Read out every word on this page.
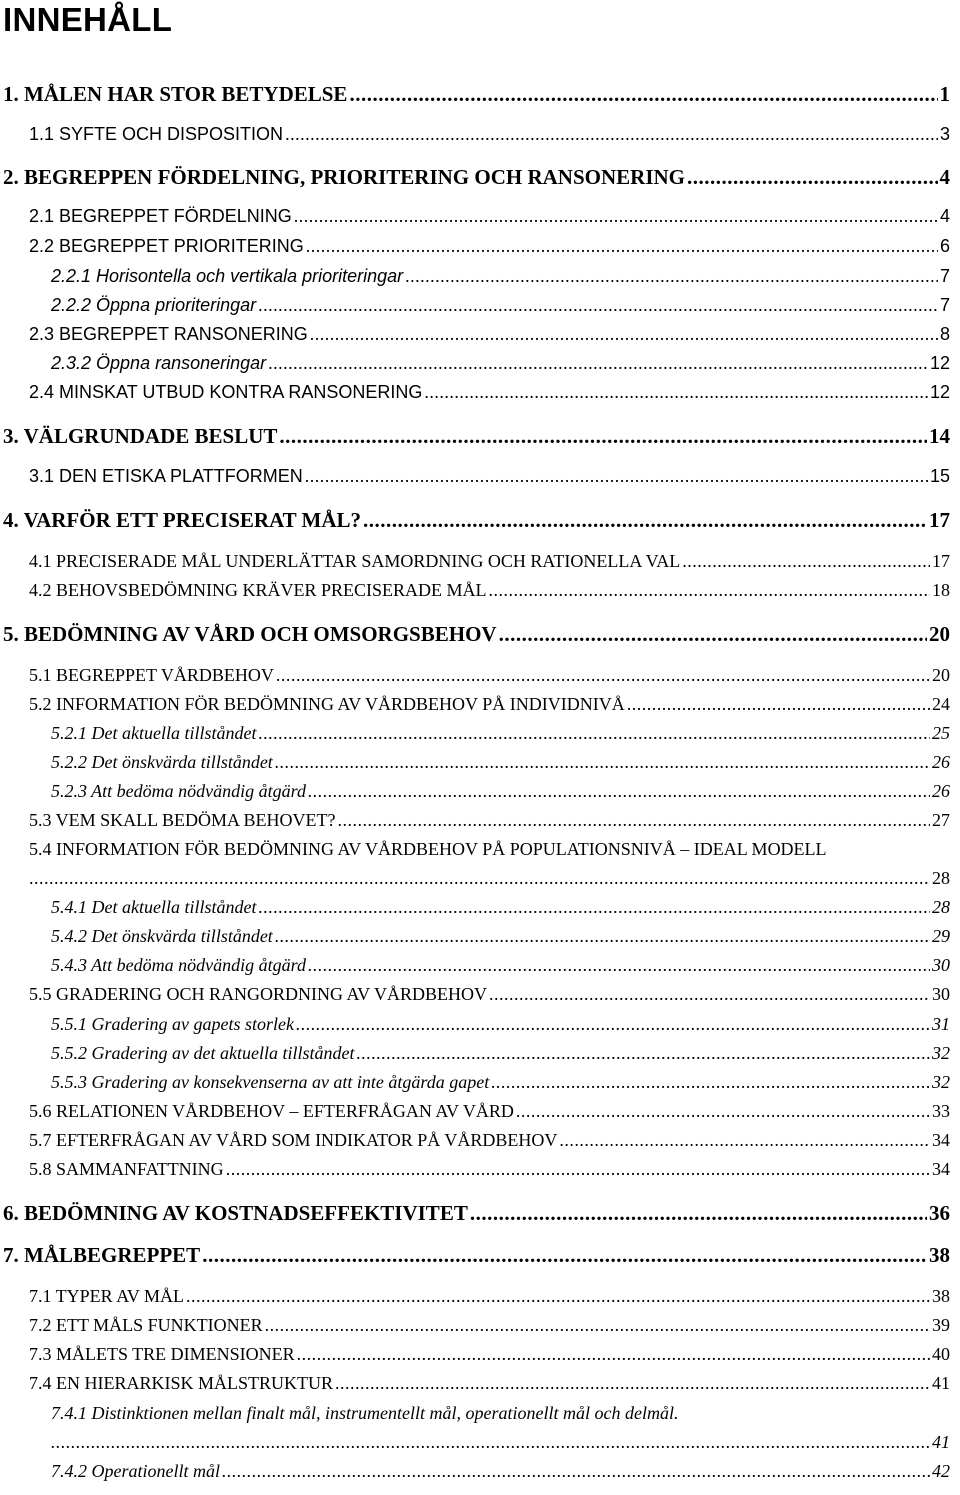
INNEHÅLL
1. MÅLEN HAR STOR BETYDELSE .....	1
1.1 SYFTE OCH DISPOSITION .....	3
2. BEGREPPEN FÖRDELNING, PRIORITERING OCH RANSONERING .....	4
2.1 BEGREPPET FÖRDELNING .....	4
2.2 BEGREPPET PRIORITERING .....	6
2.2.1 Horisontella och vertikala prioriteringar .....	7
2.2.2 Öppna prioriteringar .....	7
2.3 BEGREPPET RANSONERING .....	8
2.3.2 Öppna ransoneringar .....	12
2.4 MINSKAT UTBUD KONTRA RANSONERING .....	12
3. VÄLGRUNDADE BESLUT .....	14
3.1 DEN ETISKA PLATTFORMEN .....	15
4. VARFÖR ETT PRECISERAT MÅL? .....	17
4.1 PRECISERADE MÅL UNDERLÄTTAR SAMORDNING OCH RATIONELLA VAL .....	17
4.2 BEHOVSBEDÖMNING KRÄVER PRECISERADE MÅL .....	18
5. BEDÖMNING AV VÅRD OCH OMSORGSBEHOV .....	20
5.1 BEGREPPET VÅRDBEHOV .....	20
5.2 INFORMATION FÖR BEDÖMNING AV VÅRDBEHOV PÅ INDIVIDNIVÅ .....	24
5.2.1 Det aktuella tillståndet .....	25
5.2.2 Det önskvärda tillståndet .....	26
5.2.3 Att bedöma nödvändig åtgärd .....	26
5.3 VEM SKALL BEDÖMA BEHOVET? .....	27
5.4 INFORMATION FÖR BEDÖMNING AV VÅRDBEHOV PÅ POPULATIONSNIVÅ – IDEAL MODELL
.....
28
5.4.1 Det aktuella tillståndet .....	28
5.4.2 Det önskvärda tillståndet .....	29
5.4.3 Att bedöma nödvändig åtgärd .....	30
5.5 GRADERING OCH RANGORDNING AV VÅRDBEHOV .....	30
5.5.1 Gradering av gapets storlek .....	31
5.5.2 Gradering av det aktuella tillståndet .....	32
5.5.3 Gradering av konsekvenserna av att inte åtgärda gapet .....	32
5.6 RELATIONEN VÅRDBEHOV – EFTERFRÅGAN AV VÅRD .....	33
5.7 EFTERFRÅGAN AV VÅRD SOM INDIKATOR PÅ VÅRDBEHOV .....	34
5.8 SAMMANFATTNING .....	34
6. BEDÖMNING AV KOSTNADSEFFEKTIVITET .....	36
7. MÅLBEGREPPET .....	38
7.1 TYPER AV MÅL .....	38
7.2 ETT MÅLS FUNKTIONER .....	39
7.3 MÅLETS TRE DIMENSIONER .....	40
7.4 EN HIERARKISK MÅLSTRUKTUR .....	41
7.4.1 Distinktionen mellan finalt mål, instrumentellt mål, operationellt mål och delmål.
.....
41
7.4.2 Operationellt mål .....	42
